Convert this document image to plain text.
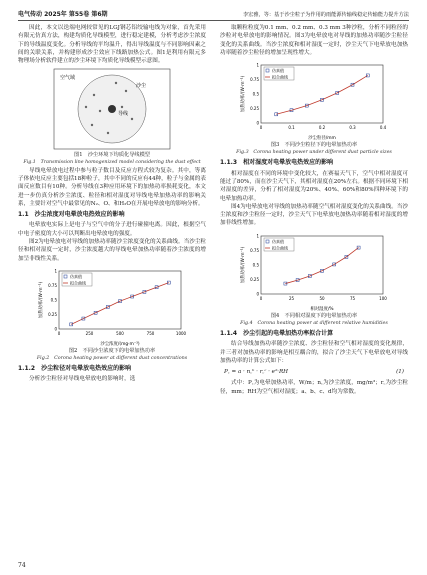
电气传动 2025年 第55卷 第6期	李宏雅，等：基于沙尘粒子为作用的雨能源传输线稳定传输能力提升方法

因此，本文以迭端电网较常见的LGJ钢芯铝绞输电线为对象，首先采用有限元仿真方法，构建均质化导线模型，进行稳定建模，分析考虑沙尘浓度下的导线温度变化。分析导线的平均温升，得出导线温度与不同影响因素之间的关联关系，并构建形成沙尘效应下线路加热公式。图1是利用有限元多物理场分析软件建立的沙尘环境下均质化导线模型示意图。

空气域
沙尘
导线
图1　沙尘环境下均质化导线模型
Fig.1　Transmission line homogenized model considering the dust effect

导线电晕放电过程中参与粒子数目及反应方程式较为复杂。其中，等离子体依电反应主要包括18种粒子，其中不同的反应有44种，粒子与金属的表面反应数目有10种。分析导线在3种应用环境下的加热功率损耗变化，本文进一步仿真分析沙尘浓度、粒径和相对湿度对导线电晕加热功率的影响关系，主要针对空气中最常见的N₂、O、和H₂O在开展电晕放电的影响分析。

1.1　沙尘浓度对电晕放电热效应的影响

电晕放电实际上是电子与空气中的分子进行碰撞电离。因此，根据空气中电子密度的大小可以判断出电晕放电的强度。

图2为电晕放电对导线的加热功率随沙尘浓度变化的关系曲线。当沙尘粒径和相对湿度一定时，沙尘浓度越大的导线电晕加热功率随着沙尘浓度的增加呈非线性关系。

0
0
250
0.25
500
0.5
750
0.75
1000
1
沙尘浓度/(mg·m⁻³)
加热功率/(W·m⁻¹)
仿真值
拟合曲线
图2　不同沙尘浓度下的电晕加热功率
Fig.2　Corona heating power at different dust concentrations
1.1.2　沙尘粒径对电晕放电热效应的影响

分析沙尘粒径对导线电晕放电的影响时，选

取颗粒粒度为0.1 mm、0.2 mm、0.3 mm 3种沙粒，分析不同粒径的沙粒对电晕放电的影响情况。图3为电晕放电对导线的加热功率随沙尘粒径变化的关系曲线。当沙尘浓度和相对湿度一定时，沙尘天气下电晕放电加热功率随着沙尘粒径的增加呈现性增大。

0
0
0.1
0.25
0.2
0.5
0.3
0.75
0.4
1
沙尘粒径/mm
加热功率/(W·m⁻¹)
仿真值
拟合曲线
图3　不同沙尘粒径下的电晕加热功率
Fig.3　Corona heating power under different dust particle sizes
1.1.3　相对湿度对电晕放电热效应的影响

相对湿度在不同的环境中变化较大，在赛福天气下，空气中相对湿度可能过了80%，而在沙尘天气下，其相对湿度在20%左右。根据不同环境下相对湿度的差异，分析了相对湿度为20%、40%、60%和80%四种环境下的电晕加热功率。

图4为电晕放电对导线的加热功率随空气相对湿度变化的关系曲线。当沙尘浓度和沙尘粒径一定时，沙尘天气下电晕放电加热功率随着相对湿度的增加非线性增加。

0
0
25
0.25
50
0.5
75
0.75
100
1
相对湿度/%
加热功率/(W·m⁻¹)
仿真值
拟合曲线
图4　不同相对湿度下的电晕加热功率
Fig.4　Corona heating power at different relative humidities
1.1.4　沙尘引起的电晕加热功率拟合计算

结合导线加热功率随沙尘浓度、沙尘粒径和空气相对湿度的变化规律，并三者对加热功率的影响是相互耦合的，拟合了沙尘天气下电晕放电对导线加热功率的计算公式如下：

P꜀ = a · n꜀ᵇ · r꜀ᶜ · eᵈ·RH	(1)

式中：P꜀为电晕加热功率，W/m；n꜀为沙尘浓度，mg/m³；r꜀为沙尘粒径，mm；RH为空气相对湿度；a、b、c、d均为常数。

74
